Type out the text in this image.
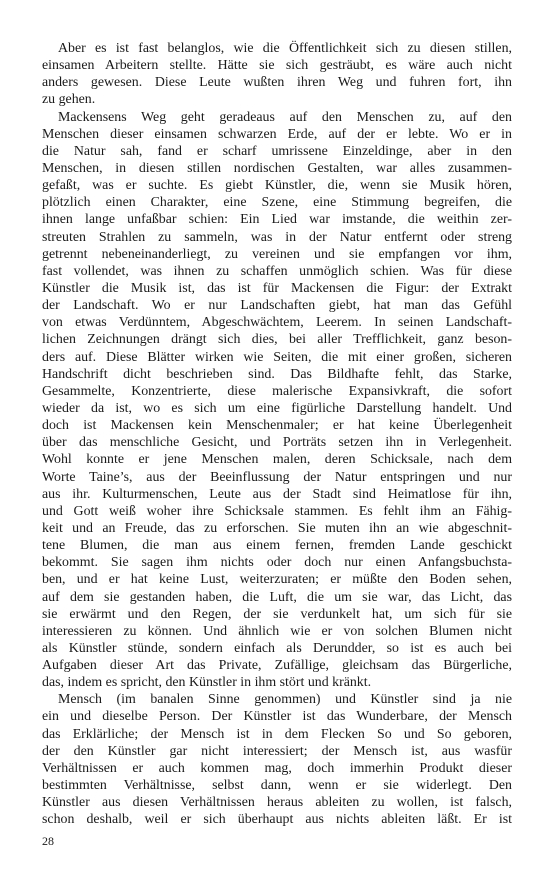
Aber es ist fast belanglos, wie die Öffentlichkeit sich zu diesen stillen,
einsamen Arbeitern stellte. Hätte sie sich gesträubt, es wäre auch nicht
anders gewesen. Diese Leute wußten ihren Weg und fuhren fort, ihn
zu gehen.
Mackensens Weg geht geradeaus auf den Menschen zu, auf den
Menschen dieser einsamen schwarzen Erde, auf der er lebte. Wo er in
die Natur sah, fand er scharf umrissene Einzeldinge, aber in den
Menschen, in diesen stillen nordischen Gestalten, war alles zusammen-
gefaßt, was er suchte. Es giebt Künstler, die, wenn sie Musik hören,
plötzlich einen Charakter, eine Szene, eine Stimmung begreifen, die
ihnen lange unfaßbar schien: Ein Lied war imstande, die weithin zer-
streuten Strahlen zu sammeln, was in der Natur entfernt oder streng
getrennt nebeneinanderliegt, zu vereinen und sie empfangen vor ihm,
fast vollendet, was ihnen zu schaffen unmöglich schien. Was für diese
Künstler die Musik ist, das ist für Mackensen die Figur: der Extrakt
der Landschaft. Wo er nur Landschaften giebt, hat man das Gefühl
von etwas Verdünntem, Abgeschwächtem, Leerem. In seinen Landschaft-
lichen Zeichnungen drängt sich dies, bei aller Trefflichkeit, ganz beson-
ders auf. Diese Blätter wirken wie Seiten, die mit einer großen, sicheren
Handschrift dicht beschrieben sind. Das Bildhafte fehlt, das Starke,
Gesammelte, Konzentrierte, diese malerische Expansivkraft, die sofort
wieder da ist, wo es sich um eine figürliche Darstellung handelt. Und
doch ist Mackensen kein Menschenmaler; er hat keine Überlegenheit
über das menschliche Gesicht, und Porträts setzen ihn in Verlegenheit.
Wohl konnte er jene Menschen malen, deren Schicksale, nach dem
Worte Taine’s, aus der Beeinflussung der Natur entspringen und nur
aus ihr. Kulturmenschen, Leute aus der Stadt sind Heimatlose für ihn,
und Gott weiß woher ihre Schicksale stammen. Es fehlt ihm an Fähig-
keit und an Freude, das zu erforschen. Sie muten ihn an wie abgeschnit-
tene Blumen, die man aus einem fernen, fremden Lande geschickt
bekommt. Sie sagen ihm nichts oder doch nur einen Anfangsbuchsta-
ben, und er hat keine Lust, weiterzuraten; er müßte den Boden sehen,
auf dem sie gestanden haben, die Luft, die um sie war, das Licht, das
sie erwärmt und den Regen, der sie verdunkelt hat, um sich für sie
interessieren zu können. Und ähnlich wie er von solchen Blumen nicht
als Künstler stünde, sondern einfach als Derundder, so ist es auch bei
Aufgaben dieser Art das Private, Zufällige, gleichsam das Bürgerliche,
das, indem es spricht, den Künstler in ihm stört und kränkt.
Mensch (im banalen Sinne genommen) und Künstler sind ja nie
ein und dieselbe Person. Der Künstler ist das Wunderbare, der Mensch
das Erklärliche; der Mensch ist in dem Flecken So und So geboren,
der den Künstler gar nicht interessiert; der Mensch ist, aus wasfür
Verhältnissen er auch kommen mag, doch immerhin Produkt dieser
bestimmten Verhältnisse, selbst dann, wenn er sie widerlegt. Den
Künstler aus diesen Verhältnissen heraus ableiten zu wollen, ist falsch,
schon deshalb, weil er sich überhaupt aus nichts ableiten läßt. Er ist
28
